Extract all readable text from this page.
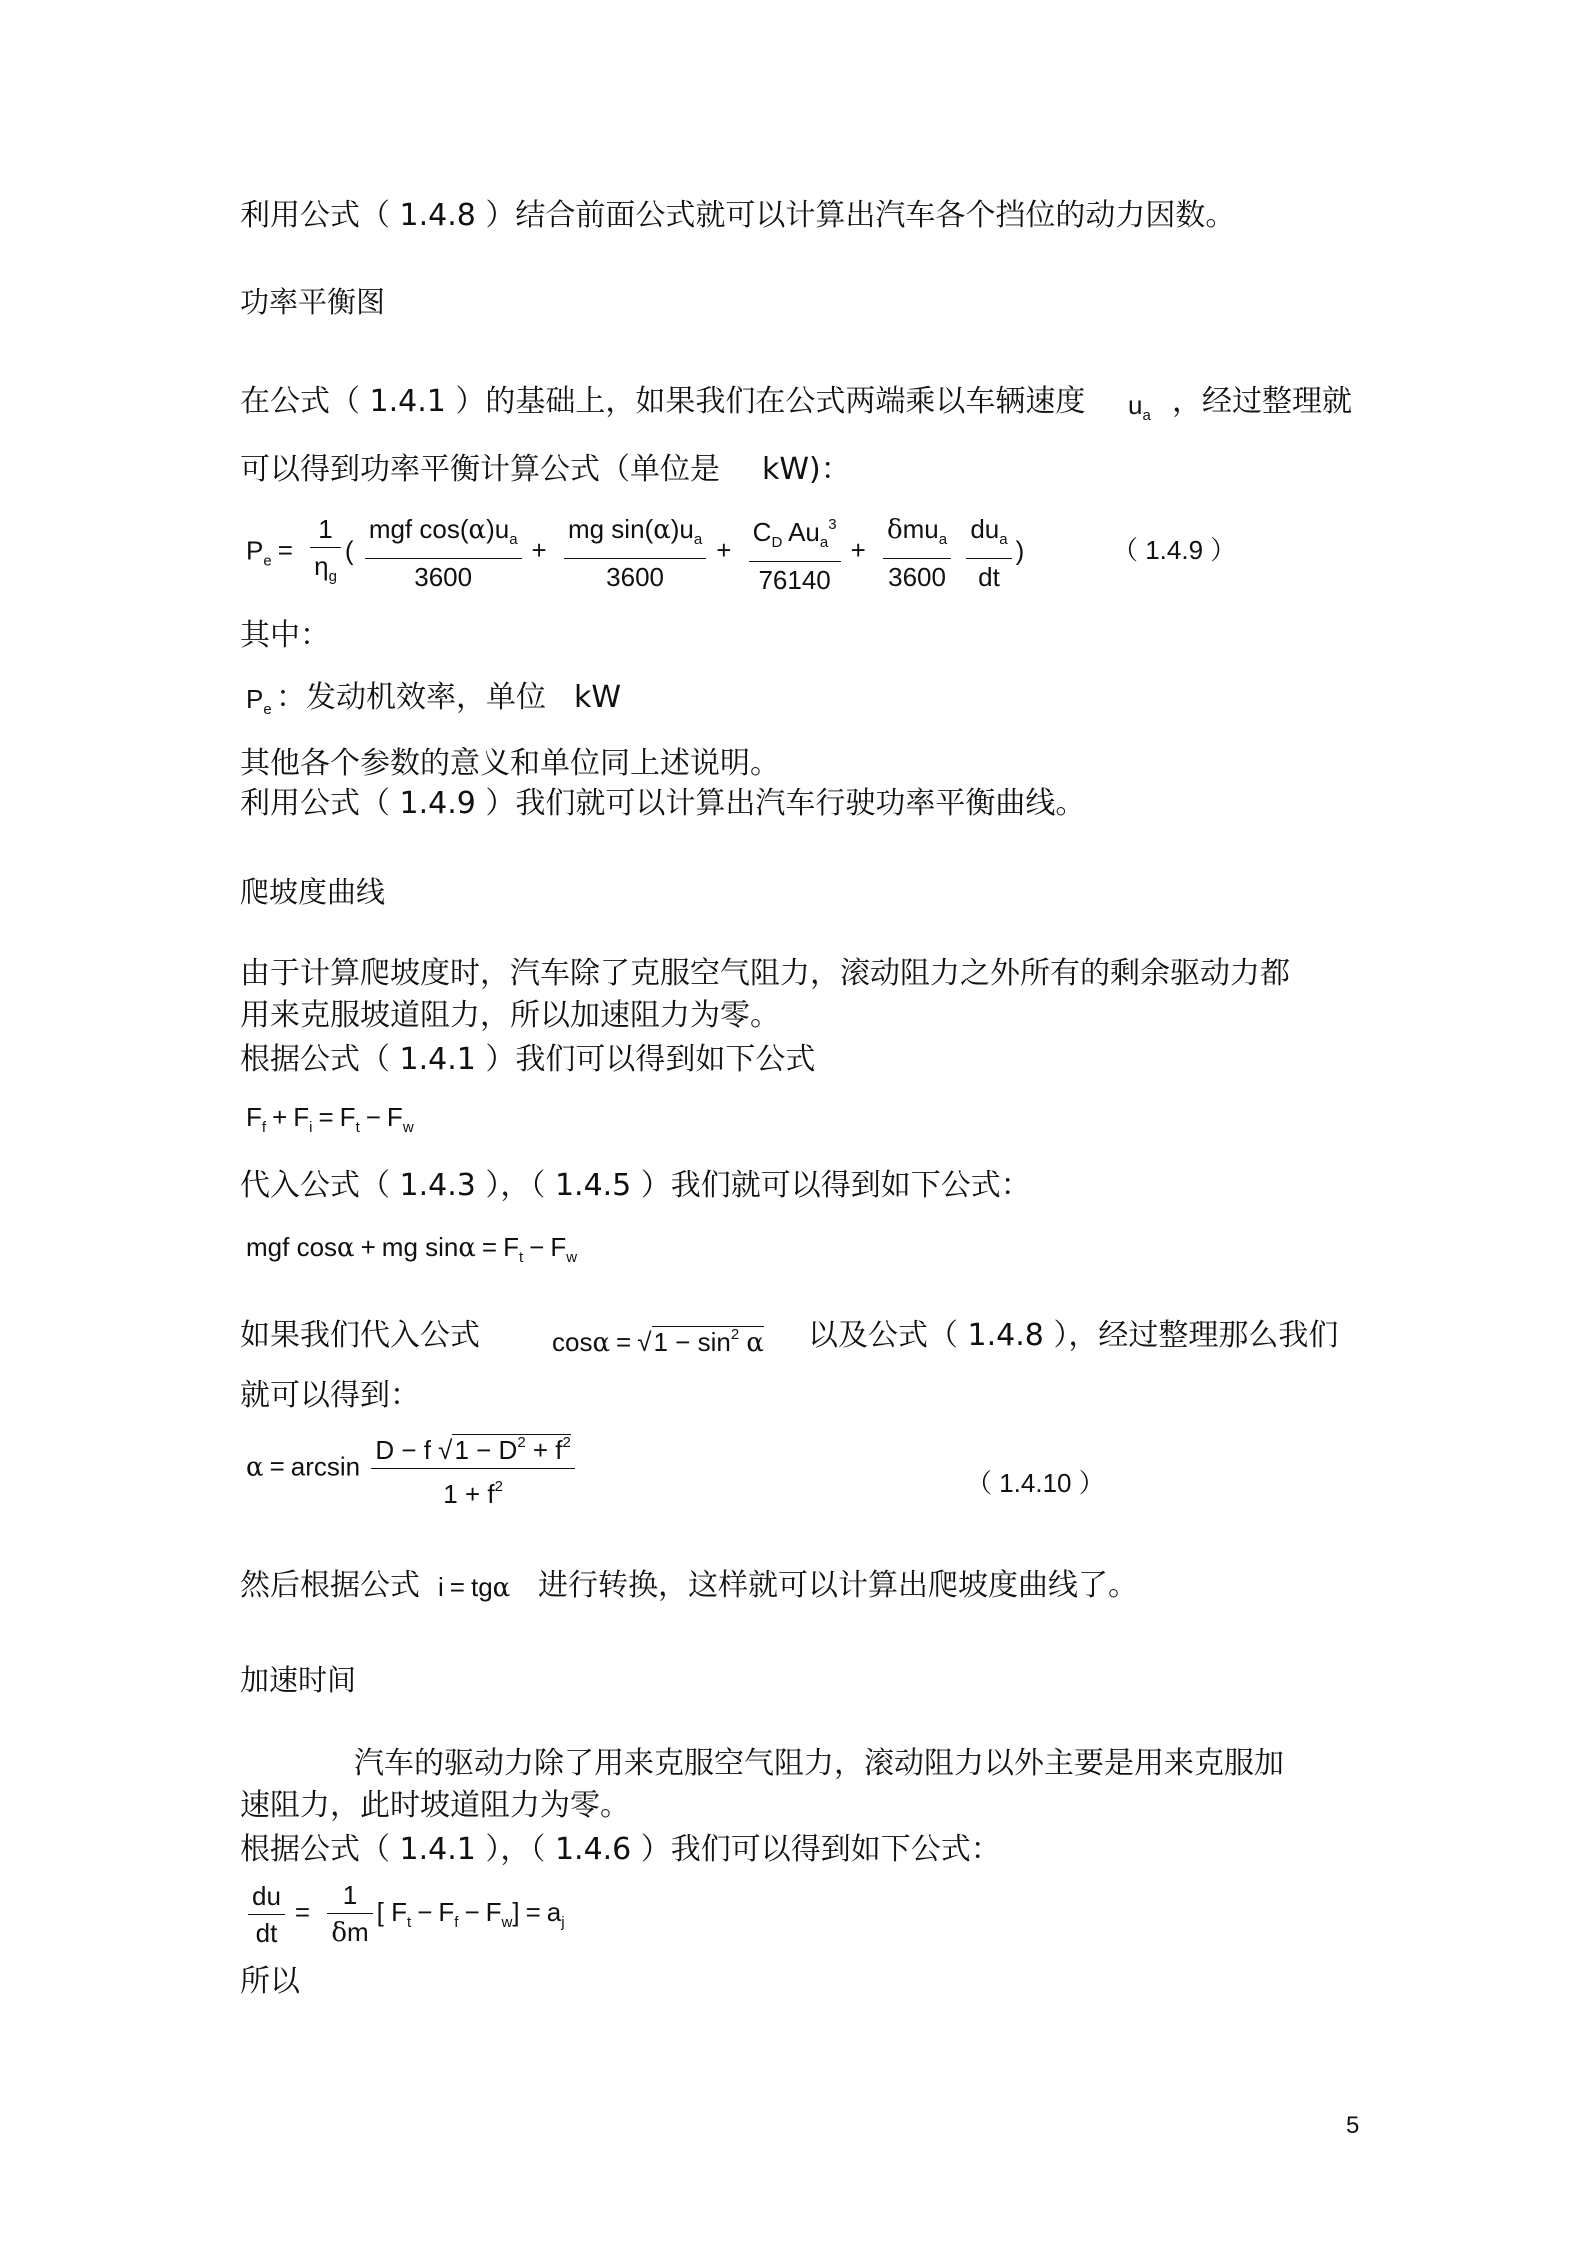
利用公式（ 1.4.8 ）结合前面公式就可以计算出汽车各个挡位的动力因数。
功率平衡图
在公式（ 1.4.1 ）的基础上，如果我们在公式两端乘以车辆速度 $u_a$ ，经过整理就
可以得到功率平衡计算公式（单位是 kW)：
$P_e = \frac{1}{\eta_g}$ ( $\frac{mgf \cos(\alpha)u_a}{3600} + \frac{mg \sin(\alpha)u_a}{3600} + \frac{C_D Au_a^3}{76140} + \frac{\delta mu_a}{3600}$
$\frac{du_a}{dt}$ )	（ 1.4.9 ）
其中：
$P_e$ ：发动机效率，单位 kW
其他各个参数的意义和单位同上述说明。
利用公式（ 1.4.9 ）我们就可以计算出汽车行驶功率平衡曲线。
爬坡度曲线
由于计算爬坡度时，汽车除了克服空气阻力，滚动阻力之外所有的剩余驱动力都
用来克服坡道阻力，所以加速阻力为零。
根据公式（ 1.4.1 ）我们可以得到如下公式
$F_f + F_i = F_t - F_w$
代入公式（ 1.4.3 ），（ 1.4.5 ）我们就可以得到如下公式：
mgf cosα + mg $\sin\alpha = F_t - F_w$
如果我们代入公式	$\cos\alpha = √1 - \sin^2 \alpha$ 以及公式（ 1.4.8 ），经过整理那么我们
就可以得到：
$\alpha = \arcsin \frac{D - f √1 - D^2 + f^2}{1 + f^2}$	（ 1.4.10 ）
然后根据公式 i = tgα 进行转换，这样就可以计算出爬坡度曲线了。
加速时间
汽车的驱动力除了用来克服空气阻力，滚动阻力以外主要是用来克服加
速阻力，此时坡道阻力为零。
根据公式（ 1.4.1 ），（ 1.4.6 ）我们可以得到如下公式：
$\frac{du}{dt} = \frac{1}{\delta m}$ [ $F_t - F_f - F_w] = a_j$
所以
5
